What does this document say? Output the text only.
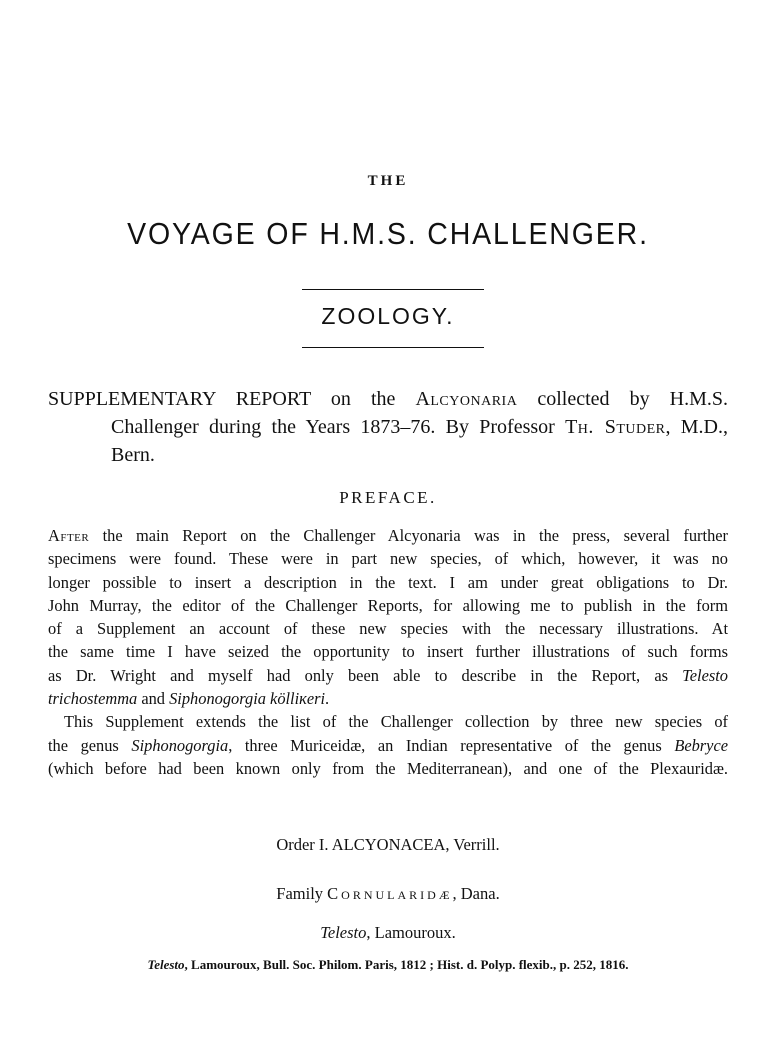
THE
VOYAGE OF H.M.S. CHALLENGER.
ZOOLOGY.
SUPPLEMENTARY REPORT on the Alcyonaria collected by H.M.S.
Challenger during the Years 1873–76. By Professor Th. Studer, M.D.,
Bern.
PREFACE.
After the main Report on the Challenger Alcyonaria was in the press, several further
specimens were found. These were in part new species, of which, however, it was no
longer possible to insert a description in the text. I am under great obligations to Dr.
John Murray, the editor of the Challenger Reports, for allowing me to publish in the form
of a Supplement an account of these new species with the necessary illustrations. At
the same time I have seized the opportunity to insert further illustrations of such forms
as Dr. Wright and myself had only been able to describe in the Report, as Telesto
trichostemma and Siphonogorgia kölliкeri.
This Supplement extends the list of the Challenger collection by three new species of
the genus Siphonogorgia, three Muriceidæ, an Indian representative of the genus Bebryce
(which before had been known only from the Mediterranean), and one of the Plexauridæ.
Order I. ALCYONACEA, Verrill.
Family Cornularidæ, Dana.
Telesto, Lamouroux.
Telesto, Lamouroux, Bull. Soc. Philom. Paris, 1812 ; Hist. d. Polyp. flexib., p. 252, 1816.
